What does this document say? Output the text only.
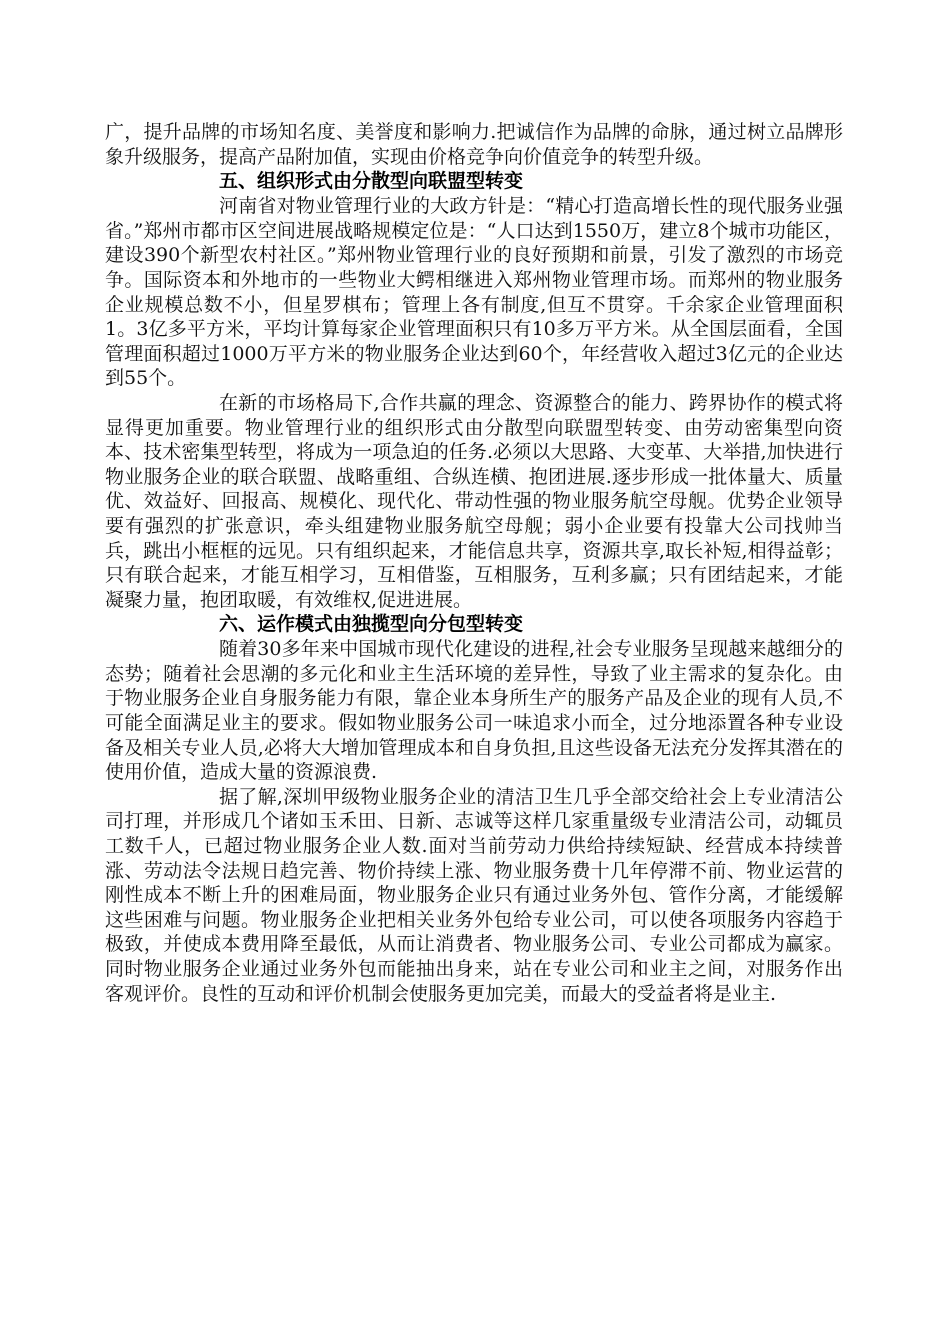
广，提升品牌的市场知名度、美誉度和影响力.把诚信作为品牌的命脉，通过树立品牌形象升级服务，提高产品附加值，实现由价格竞争向价值竞争的转型升级。

五、组织形式由分散型向联盟型转变

河南省对物业管理行业的大政方针是：“精心打造高增长性的现代服务业强省。”郑州市都市区空间进展战略规模定位是：“人口达到1550万，建立8个城市功能区，建设390个新型农村社区。”郑州物业管理行业的良好预期和前景，引发了激烈的市场竞争。国际资本和外地市的一些物业大鳄相继进入郑州物业管理市场。而郑州的物业服务企业规模总数不小，但星罗棋布；管理上各有制度,但互不贯穿。千余家企业管理面积1。3亿多平方米，平均计算每家企业管理面积只有10多万平方米。从全国层面看，全国管理面积超过1000万平方米的物业服务企业达到60个，年经营收入超过3亿元的企业达到55个。

在新的市场格局下,合作共赢的理念、资源整合的能力、跨界协作的模式将显得更加重要。物业管理行业的组织形式由分散型向联盟型转变、由劳动密集型向资本、技术密集型转型，将成为一项急迫的任务.必须以大思路、大变革、大举措,加快进行物业服务企业的联合联盟、战略重组、合纵连横、抱团进展.逐步形成一批体量大、质量优、效益好、回报高、规模化、现代化、带动性强的物业服务航空母舰。优势企业领导要有强烈的扩张意识，牵头组建物业服务航空母舰；弱小企业要有投靠大公司找帅当兵，跳出小框框的远见。只有组织起来，才能信息共享，资源共享,取长补短,相得益彰；只有联合起来，才能互相学习，互相借鉴，互相服务，互利多赢；只有团结起来，才能凝聚力量，抱团取暖，有效维权,促进进展。

六、运作模式由独揽型向分包型转变

随着30多年来中国城市现代化建设的进程,社会专业服务呈现越来越细分的态势；随着社会思潮的多元化和业主生活环境的差异性，导致了业主需求的复杂化。由于物业服务企业自身服务能力有限，靠企业本身所生产的服务产品及企业的现有人员,不可能全面满足业主的要求。假如物业服务公司一味追求小而全，过分地添置各种专业设备及相关专业人员,必将大大增加管理成本和自身负担,且这些设备无法充分发挥其潜在的使用价值，造成大量的资源浪费.

据了解,深圳甲级物业服务企业的清洁卫生几乎全部交给社会上专业清洁公司打理，并形成几个诸如玉禾田、日新、志诚等这样几家重量级专业清洁公司，动辄员工数千人，已超过物业服务企业人数.面对当前劳动力供给持续短缺、经营成本持续普涨、劳动法令法规日趋完善、物价持续上涨、物业服务费十几年停滞不前、物业运营的刚性成本不断上升的困难局面，物业服务企业只有通过业务外包、管作分离，才能缓解这些困难与问题。物业服务企业把相关业务外包给专业公司，可以使各项服务内容趋于极致，并使成本费用降至最低，从而让消费者、物业服务公司、专业公司都成为赢家。同时物业服务企业通过业务外包而能抽出身来，站在专业公司和业主之间，对服务作出客观评价。良性的互动和评价机制会使服务更加完美，而最大的受益者将是业主.
